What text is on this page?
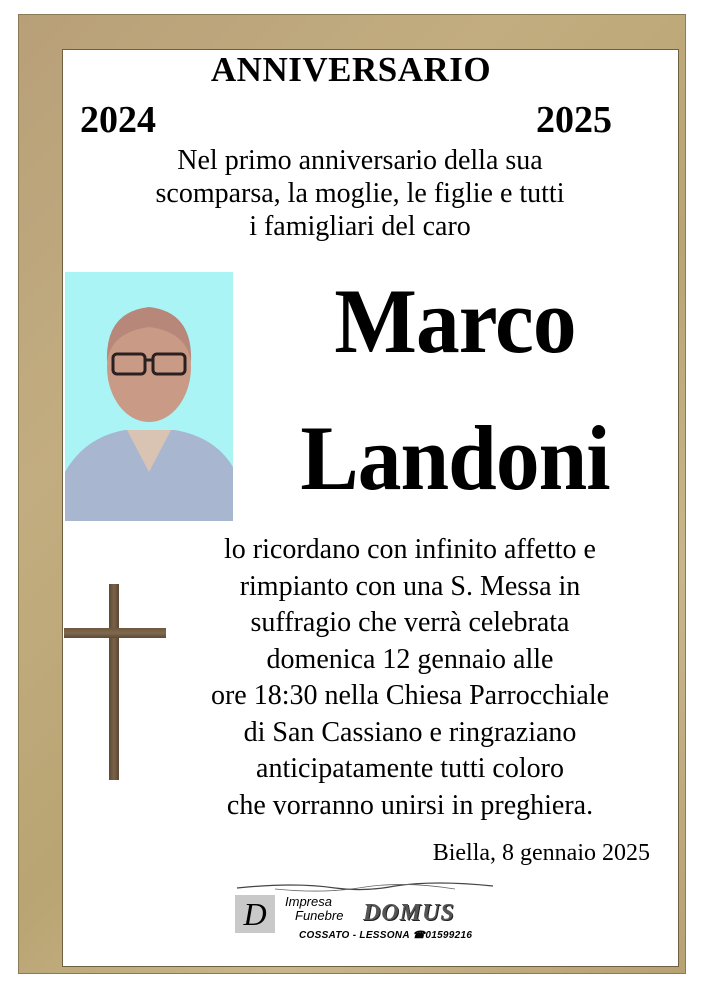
ANNIVERSARIO
2024	2025
Nel primo anniversario della sua
scomparsa, la moglie, le figlie e tutti
i famigliari del caro
Marco
Landoni
lo ricordano con infinito affetto e
rimpianto con una S. Messa in
suffragio che verrà celebrata
domenica 12 gennaio alle
ore 18:30 nella Chiesa Parrocchiale
di San Cassiano e ringraziano
anticipatamente tutti coloro
che vorranno unirsi in preghiera.
Biella, 8 gennaio 2025
D	Impresa
Funebre DOMUS
COSSATO - LESSONA ☎01599216
